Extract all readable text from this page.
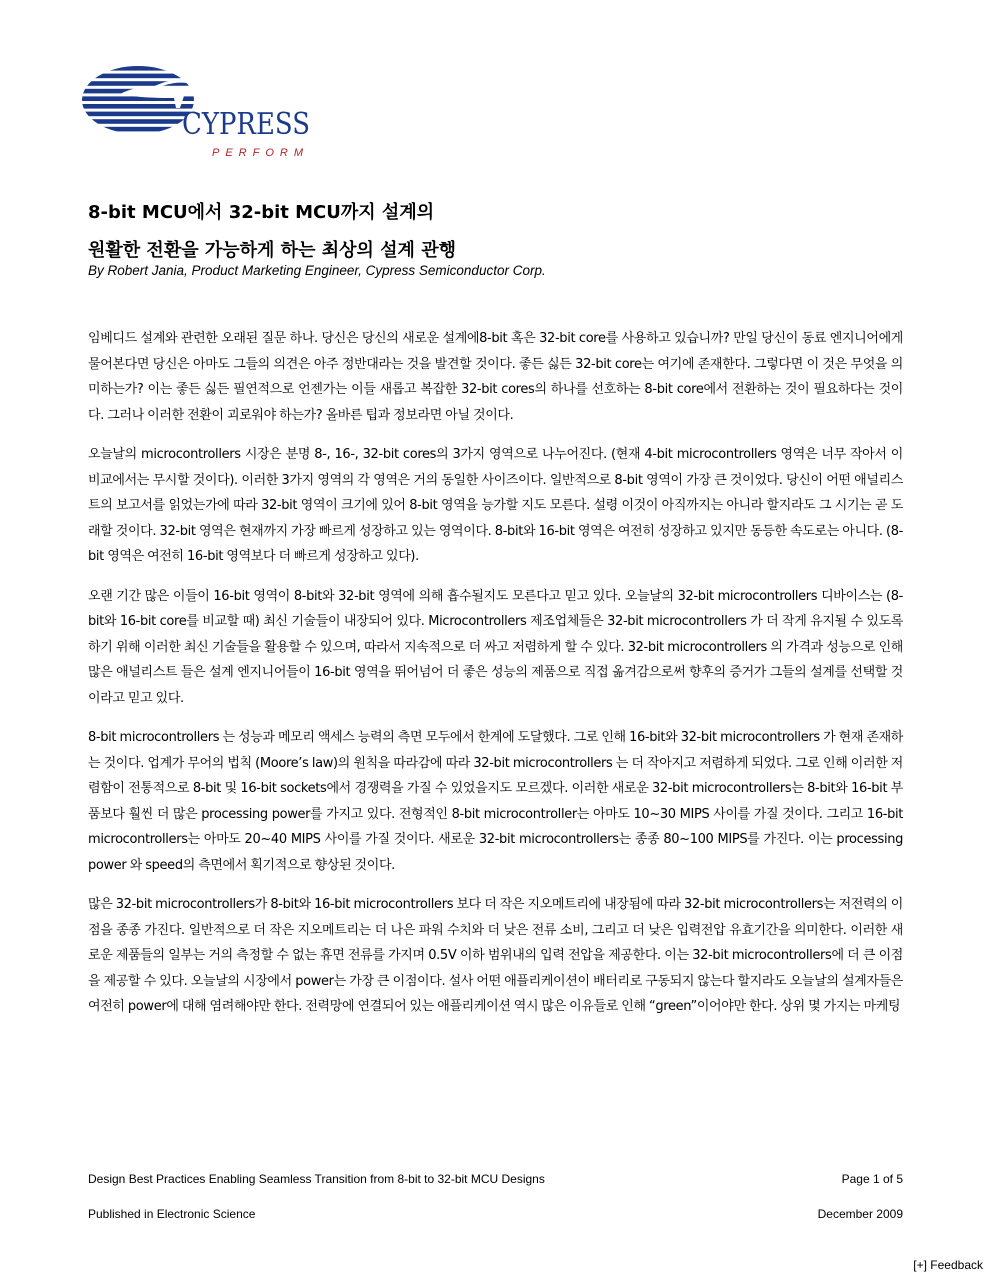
CYPRESS
PERFORM
8-bit MCU에서 32-bit MCU까지 설계의
원활한 전환을 가능하게 하는 최상의 설계 관행

By Robert Jania, Product Marketing Engineer, Cypress Semiconductor Corp.

임베디드 설계와 관련한 오래된 질문 하나. 당신은 당신의 새로운 설계에8-bit 혹은 32-bit core를 사용하고 있습니까? 만일 당신이 동료 엔지니어에게 물어본다면 당신은 아마도 그들의 의견은 아주 정반대라는 것을 발견할 것이다. 좋든 싫든 32-bit core는 여기에 존재한다. 그렇다면 이 것은 무엇을 의미하는가? 이는 좋든 싫든 필연적으로 언젠가는 이들 새롭고 복잡한 32-bit cores의 하나를 선호하는 8-bit core에서 전환하는 것이 필요하다는 것이다. 그러나 이러한 전환이 괴로워야 하는가? 올바른 팁과 정보라면 아닐 것이다.

오늘날의 microcontrollers 시장은 분명 8-, 16-, 32-bit cores의 3가지 영역으로 나누어진다. (현재 4-bit microcontrollers 영역은 너무 작아서 이 비교에서는 무시할 것이다). 이러한 3가지 영역의 각 영역은 거의 동일한 사이즈이다. 일반적으로 8-bit 영역이 가장 큰 것이었다. 당신이 어떤 애널리스트의 보고서를 읽었는가에 따라 32-bit 영역이 크기에 있어 8-bit 영역을 능가할 지도 모른다. 설령 이것이 아직까지는 아니라 할지라도 그 시기는 곧 도래할 것이다. 32-bit 영역은 현재까지 가장 빠르게 성장하고 있는 영역이다. 8-bit와 16-bit 영역은 여전히 성장하고 있지만 동등한 속도로는 아니다. (8-bit 영역은 여전히 16-bit 영역보다 더 빠르게 성장하고 있다).

오랜 기간 많은 이들이 16-bit 영역이 8-bit와 32-bit 영역에 의해 흡수될지도 모른다고 믿고 있다. 오늘날의 32-bit microcontrollers 디바이스는 (8-bit와 16-bit core를 비교할 때) 최신 기술들이 내장되어 있다. Microcontrollers 제조업체들은 32-bit microcontrollers 가 더 작게 유지될 수 있도록 하기 위해 이러한 최신 기술들을 활용할 수 있으며, 따라서 지속적으로 더 싸고 저렴하게 할 수 있다. 32-bit microcontrollers 의 가격과 성능으로 인해 많은 애널리스트 들은 설계 엔지니어들이 16-bit 영역을 뛰어넘어 더 좋은 성능의 제품으로 직접 옮겨감으로써 향후의 증거가 그들의 설계를 선택할 것이라고 믿고 있다.

8-bit microcontrollers 는 성능과 메모리 액세스 능력의 측면 모두에서 한계에 도달했다. 그로 인해 16-bit와 32-bit microcontrollers 가 현재 존재하는 것이다. 업계가 무어의 법칙 (Moore’s law)의 원칙을 따라감에 따라 32-bit microcontrollers 는 더 작아지고 저렴하게 되었다. 그로 인해 이러한 저렴함이 전통적으로 8-bit 및 16-bit sockets에서 경쟁력을 가질 수 있었을지도 모르겠다. 이러한 새로운 32-bit microcontrollers는 8-bit와 16-bit 부품보다 훨씬 더 많은 processing power를 가지고 있다. 전형적인 8-bit microcontroller는 아마도 10~30 MIPS 사이를 가질 것이다. 그리고 16-bit microcontrollers는 아마도 20~40 MIPS 사이를 가질 것이다. 새로운 32-bit microcontrollers는 종종 80~100 MIPS를 가진다. 이는 processing power 와 speed의 측면에서 획기적으로 향상된 것이다.

많은 32-bit microcontrollers가 8-bit와 16-bit microcontrollers 보다 더 작은 지오메트리에 내장됨에 따라 32-bit microcontrollers는 저전력의 이점을 종종 가진다. 일반적으로 더 작은 지오메트리는 더 나은 파워 수치와 더 낮은 전류 소비, 그리고 더 낮은 입력전압 유효기간을 의미한다. 이러한 새로운 제품들의 일부는 거의 측정할 수 없는 휴면 전류를 가지며 0.5V 이하 범위내의 입력 전압을 제공한다. 이는 32-bit microcontrollers에 더 큰 이점을 제공할 수 있다. 오늘날의 시장에서 power는 가장 큰 이점이다. 설사 어떤 애플리케이션이 배터리로 구동되지 않는다 할지라도 오늘날의 설계자들은 여전히 power에 대해 염려해야만 한다. 전력망에 연결되어 있는 애플리케이션 역시 많은 이유들로 인해 “green”이어야만 한다. 상위 몇 가지는 마케팅

Design Best Practices Enabling Seamless Transition from 8-bit to 32-bit MCU Designs	Page 1 of 5
Published in Electronic Science	December 2009
[+] Feedback
